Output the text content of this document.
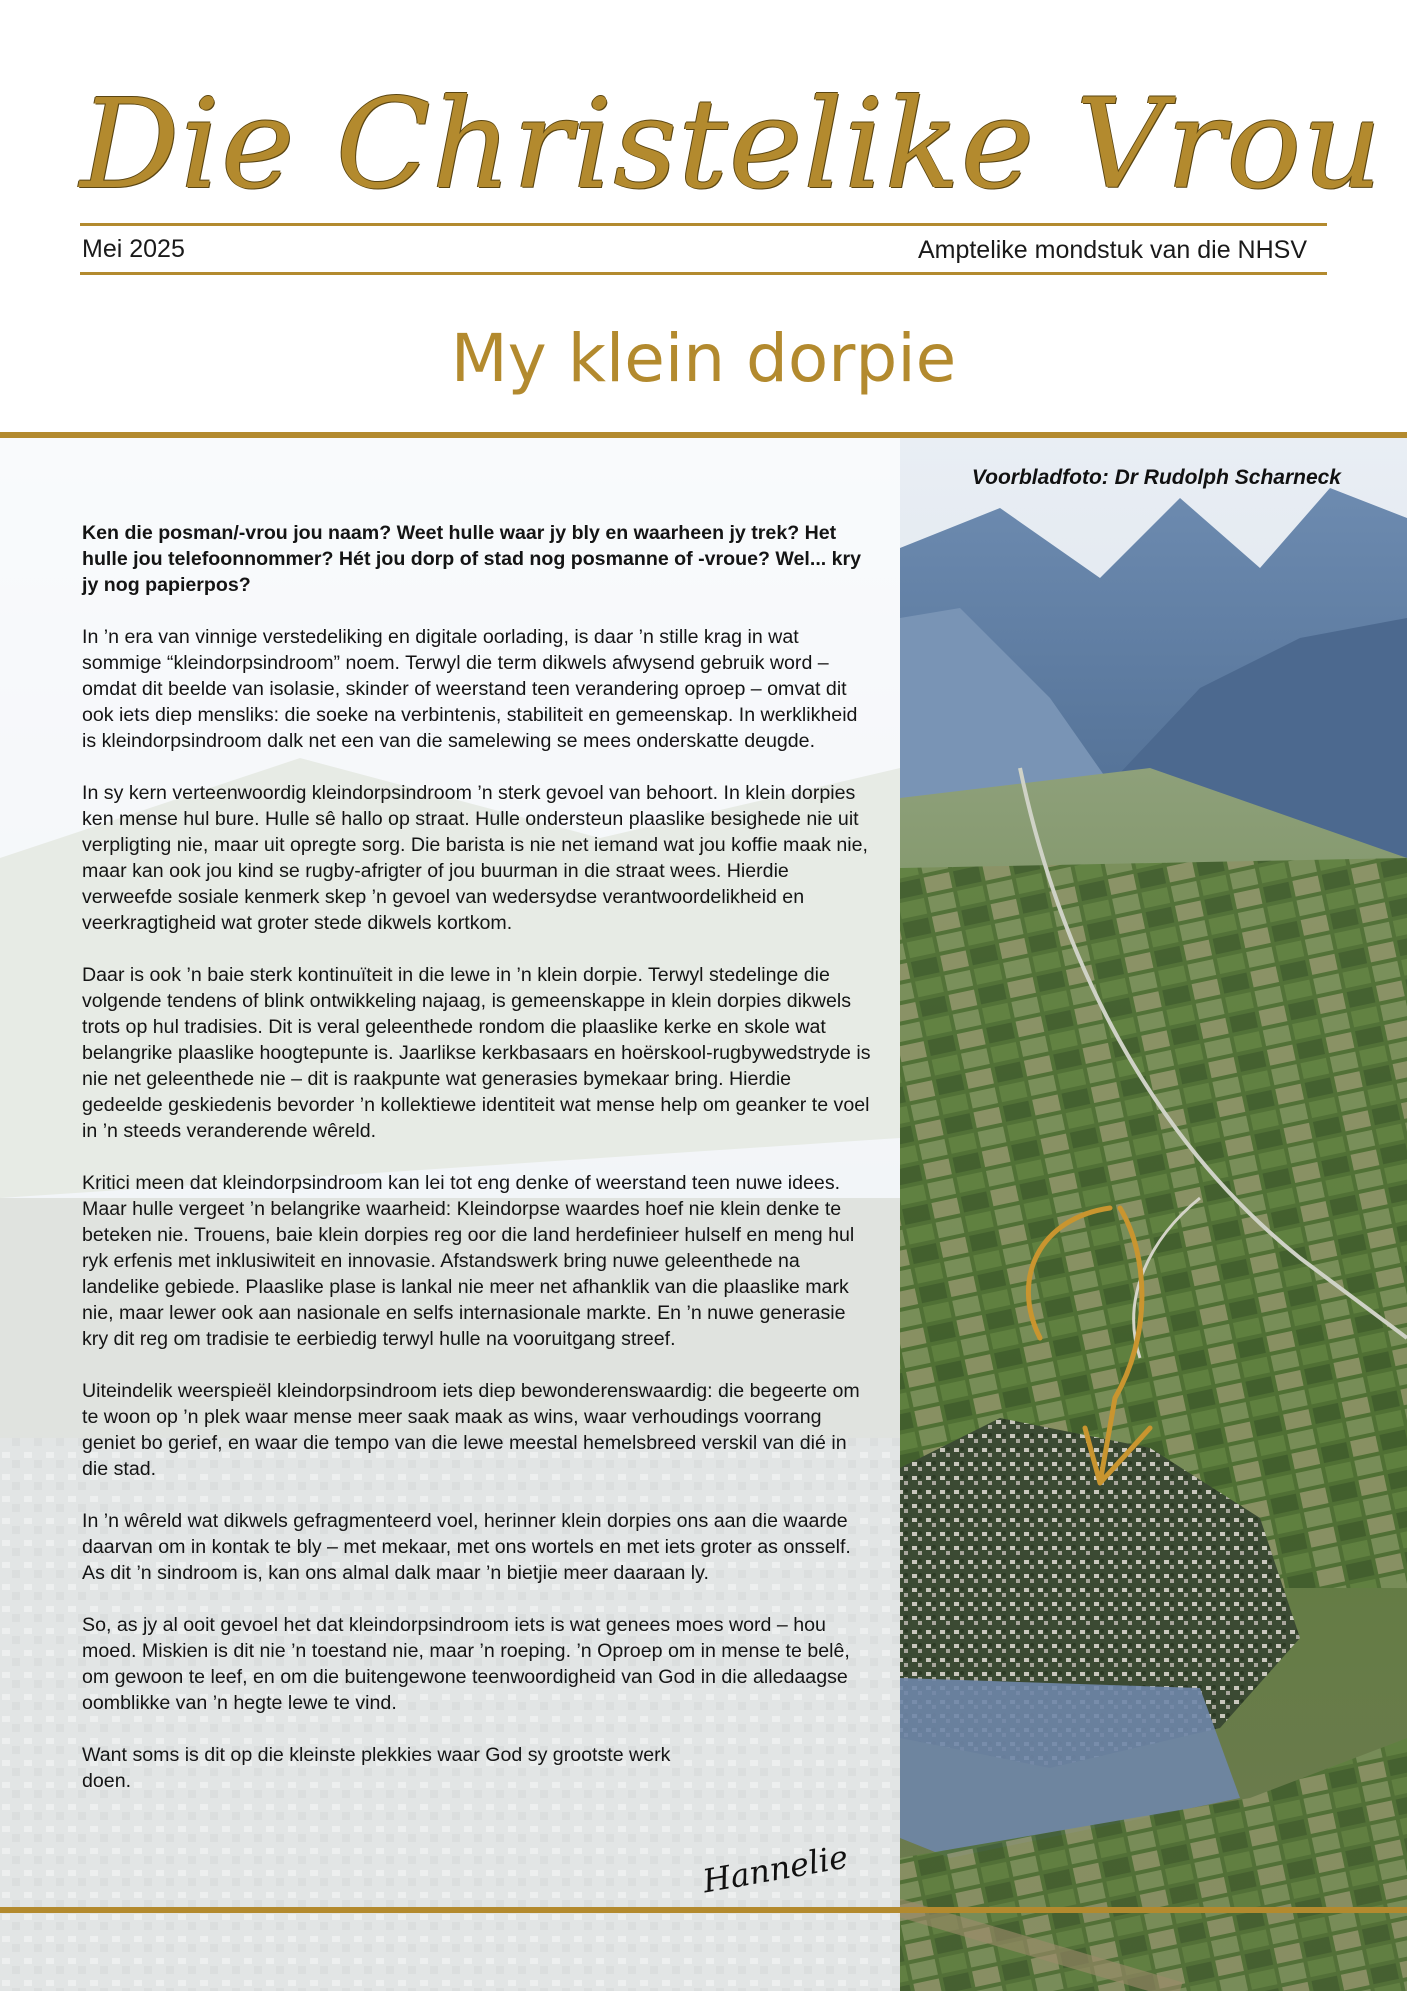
Die Christelike Vrou
Mei 2025	Amptelike mondstuk van die NHSV
My klein dorpie
Voorbladfoto: Dr Rudolph Scharneck

Ken die posman/-vrou jou naam? Weet hulle waar jy bly en waarheen jy trek? Het hulle jou telefoonnommer? Hét jou dorp of stad nog posmanne of -vroue? Wel... kry jy nog papierpos?

In ’n era van vinnige verstedeliking en digitale oorlading, is daar ’n stille krag in wat sommige “kleindorpsindroom” noem. Terwyl die term dikwels afwysend gebruik word – omdat dit beelde van isolasie, skinder of weerstand teen verandering oproep – omvat dit ook iets diep mensliks: die soeke na verbintenis, stabiliteit en gemeenskap. In werklikheid is kleindorpsindroom dalk net een van die samelewing se mees onderskatte deugde.

In sy kern verteenwoordig kleindorpsindroom ’n sterk gevoel van behoort. In klein dorpies ken mense hul bure. Hulle sê hallo op straat. Hulle ondersteun plaaslike besighede nie uit verpligting nie, maar uit opregte sorg. Die barista is nie net iemand wat jou koffie maak nie, maar kan ook jou kind se rugby-afrigter of jou buurman in die straat wees. Hierdie verweefde sosiale kenmerk skep ’n gevoel van wedersydse verantwoordelikheid en veerkragtigheid wat groter stede dikwels kortkom.

Daar is ook ’n baie sterk kontinuïteit in die lewe in ’n klein dorpie. Terwyl stedelinge die volgende tendens of blink ontwikkeling najaag, is gemeenskappe in klein dorpies dikwels trots op hul tradisies. Dit is veral geleenthede rondom die plaaslike kerke en skole wat belangrike plaaslike hoogtepunte is. Jaarlikse kerkbasaars en hoërskool-rugbywedstryde is nie net geleenthede nie – dit is raakpunte wat generasies bymekaar bring. Hierdie gedeelde geskiedenis bevorder ’n kollektiewe identiteit wat mense help om geanker te voel in ’n steeds veranderende wêreld.

Kritici meen dat kleindorpsindroom kan lei tot eng denke of weerstand teen nuwe idees. Maar hulle vergeet ’n belangrike waarheid: Kleindorpse waardes hoef nie klein denke te beteken nie. Trouens, baie klein dorpies reg oor die land herdefinieer hulself en meng hul ryk erfenis met inklusiwiteit en innovasie. Afstandswerk bring nuwe geleenthede na landelike gebiede. Plaaslike plase is lankal nie meer net afhanklik van die plaaslike mark nie, maar lewer ook aan nasionale en selfs internasionale markte. En ’n nuwe generasie kry dit reg om tradisie te eerbiedig terwyl hulle na vooruitgang streef.

Uiteindelik weerspieël kleindorpsindroom iets diep bewonderenswaardig: die begeerte om te woon op ’n plek waar mense meer saak maak as wins, waar verhoudings voorrang geniet bo gerief, en waar die tempo van die lewe meestal hemelsbreed verskil van dié in die stad.

In ’n wêreld wat dikwels gefragmenteerd voel, herinner klein dorpies ons aan die waarde daarvan om in kontak te bly – met mekaar, met ons wortels en met iets groter as onsself. As dit ’n sindroom is, kan ons almal dalk maar ’n bietjie meer daaraan ly.

So, as jy al ooit gevoel het dat kleindorpsindroom iets is wat genees moes word – hou moed. Miskien is dit nie ’n toestand nie, maar ’n roeping. ’n Oproep om in mense te belê, om gewoon te leef, en om die buitengewone teenwoordigheid van God in die alledaagse oomblikke van ’n hegte lewe te vind.

Want soms is dit op die kleinste plekkies waar God sy grootste werk doen.

Hannelie
